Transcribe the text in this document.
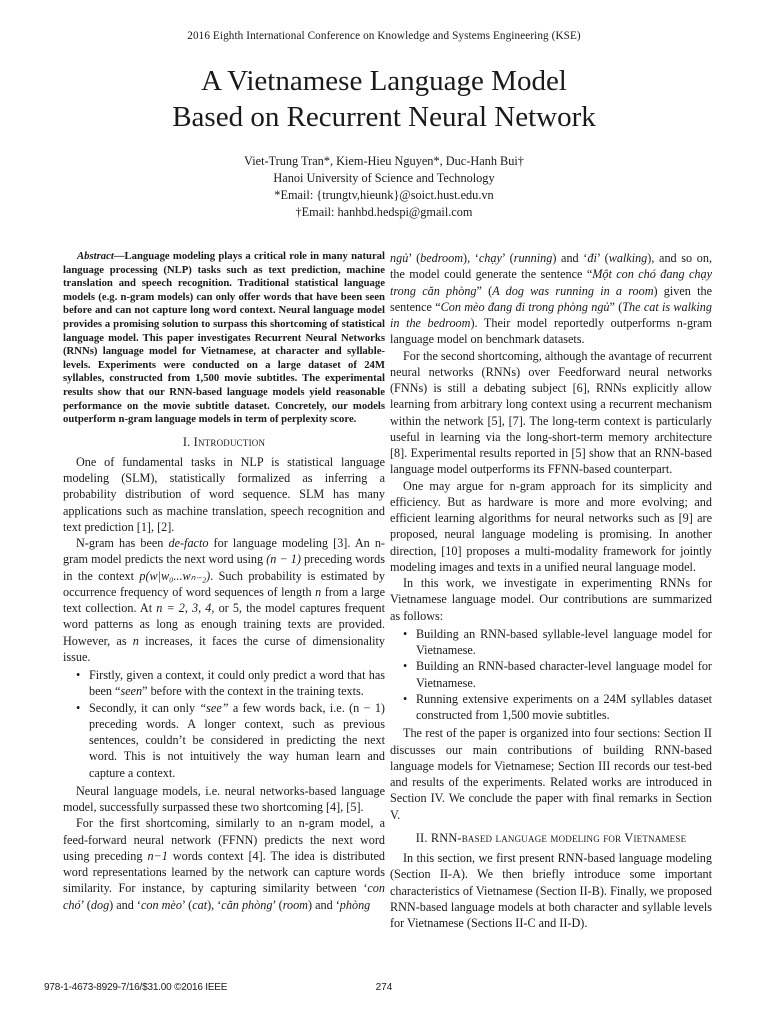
2016 Eighth International Conference on Knowledge and Systems Engineering (KSE)
A Vietnamese Language Model
Based on Recurrent Neural Network
Viet-Trung Tran*, Kiem-Hieu Nguyen*, Duc-Hanh Bui†
Hanoi University of Science and Technology
*Email: {trungtv,hieunk}@soict.hust.edu.vn
†Email: hanhbd.hedspi@gmail.com

Abstract—Language modeling plays a critical role in many natural language processing (NLP) tasks such as text prediction, machine translation and speech recognition. Traditional statistical language models (e.g. n-gram models) can only offer words that have been seen before and can not capture long word context. Neural language model provides a promising solution to surpass this shortcoming of statistical language model. This paper investigates Recurrent Neural Networks (RNNs) language model for Vietnamese, at character and syllable-levels. Experiments were conducted on a large dataset of 24M syllables, constructed from 1,500 movie subtitles. The experimental results show that our RNN-based language models yield reasonable performance on the movie subtitle dataset. Concretely, our models outperform n-gram language models in term of perplexity score.

I. Introduction

One of fundamental tasks in NLP is statistical language modeling (SLM), statistically formalized as inferring a probability distribution of word sequence. SLM has many applications such as machine translation, speech recognition and text prediction [1], [2].

N-gram has been de-facto for language modeling [3]. An n-gram model predicts the next word using (n − 1) preceding words in the context p(w|w₀...wₙ₋₂). Such probability is estimated by occurrence frequency of word sequences of length n from a large text collection. At n = 2, 3, 4, or 5, the model captures frequent word patterns as long as enough training texts are provided. However, as n increases, it faces the curse of dimensionality issue.

• Firstly, given a context, it could only predict a word that has been “seen” before with the context in the training texts.
• Secondly, it can only “see” a few words back, i.e. (n − 1) preceding words. A longer context, such as previous sentences, couldn’t be considered in predicting the next word. This is not intuitively the way human learn and capture a context.

Neural language models, i.e. neural networks-based language model, successfully surpassed these two shortcoming [4], [5].

For the first shortcoming, similarly to an n-gram model, a feed-forward neural network (FFNN) predicts the next word using preceding n−1 words context [4]. The idea is distributed word representations learned by the network can capture words similarity. For instance, by capturing similarity between ‘con chó’ (dog) and ‘con mèo’ (cat), ‘căn phòng’ (room) and ‘phòng

ngủ’ (bedroom), ‘chạy’ (running) and ‘đi’ (walking), and so on, the model could generate the sentence “Một con chó đang chạy trong căn phòng” (A dog was running in a room) given the sentence “Con mèo đang đi trong phòng ngủ” (The cat is walking in the bedroom). Their model reportedly outperforms n-gram language model on benchmark datasets.

For the second shortcoming, although the avantage of recurrent neural networks (RNNs) over Feedforward neural networks (FNNs) is still a debating subject [6], RNNs explicitly allow learning from arbitrary long context using a recurrent mechanism within the network [5], [7]. The long-term context is particularly useful in learning via the long-short-term memory architecture [8]. Experimental results reported in [5] show that an RNN-based language model outperforms its FFNN-based counterpart.

One may argue for n-gram approach for its simplicity and efficiency. But as hardware is more and more evolving; and efficient learning algorithms for neural networks such as [9] are proposed, neural language modeling is promising. In another direction, [10] proposes a multi-modality framework for jointly modeling images and texts in a unified neural language model.

In this work, we investigate in experimenting RNNs for Vietnamese language model. Our contributions are summarized as follows:

• Building an RNN-based syllable-level language model for Vietnamese.
• Building an RNN-based character-level language model for Vietnamese.
• Running extensive experiments on a 24M syllables dataset constructed from 1,500 movie subtitles.

The rest of the paper is organized into four sections: Section II discusses our main contributions of building RNN-based language models for Vietnamese; Section III records our test-bed and results of the experiments. Related works are introduced in Section IV. We conclude the paper with final remarks in Section V.

II. RNN-based language modeling for Vietnamese

In this section, we first present RNN-based language modeling (Section II-A). We then briefly introduce some important characteristics of Vietnamese (Section II-B). Finally, we proposed RNN-based language models at both character and syllable levels for Vietnamese (Sections II-C and II-D).

978-1-4673-8929-7/16/$31.00 ©2016 IEEE	274
